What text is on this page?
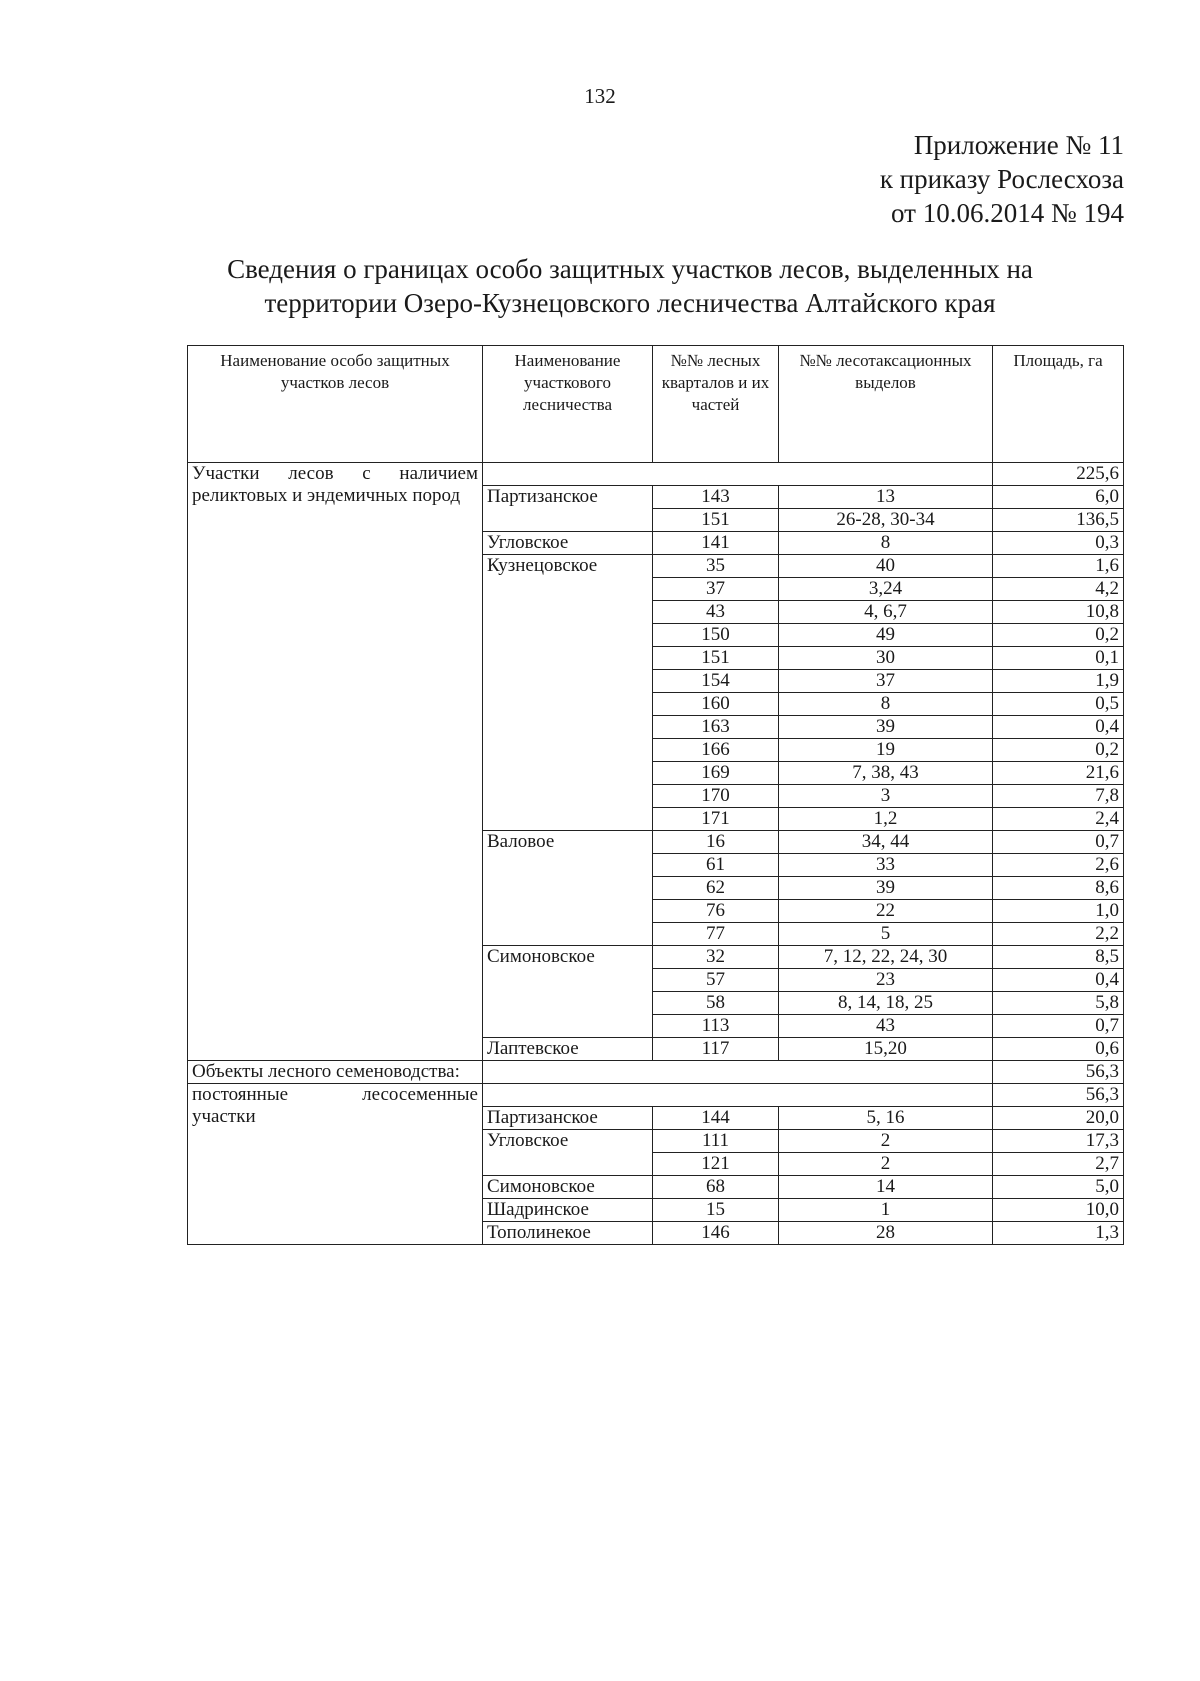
132
Приложение № 11
к приказу Рослесхоза
от 10.06.2014 № 194
Сведения о границах особо защитных участков лесов, выделенных на
территории Озеро-Кузнецовского лесничества Алтайского края
Наименование особо защитных участков лесов	Наименование участкового лесничества	№№ лесных кварталов и их частей	№№ лесотаксационных выделов	Площадь, га

Участки лесов с наличием
реликтовых и эндемичных пород				225,6
	Партизанское	143	13	6,0
		151	26-28, 30-34	136,5
	Угловское	141	8	0,3
	Кузнецовское	35	40	1,6
		37	3,24	4,2
		43	4, 6,7	10,8
		150	49	0,2
		151	30	0,1
		154	37	1,9
		160	8	0,5
		163	39	0,4
		166	19	0,2
		169	7, 38, 43	21,6
		170	3	7,8
		171	1,2	2,4
	Валовое	16	34, 44	0,7
		61	33	2,6
		62	39	8,6
		76	22	1,0
		77	5	2,2
	Симоновское	32	7, 12, 22, 24, 30	8,5
		57	23	0,4
		58	8, 14, 18, 25	5,8
		113	43	0,7
	Лаптевское	117	15,20	0,6
Объекты лесного семеноводства:				56,3

постоянные лесосеменные
участки				56,3
	Партизанское	144	5, 16	20,0
	Угловское	111	2	17,3
		121	2	2,7
	Симоновское	68	14	5,0
	Шадринское	15	1	10,0
	Тополинекое	146	28	1,3
